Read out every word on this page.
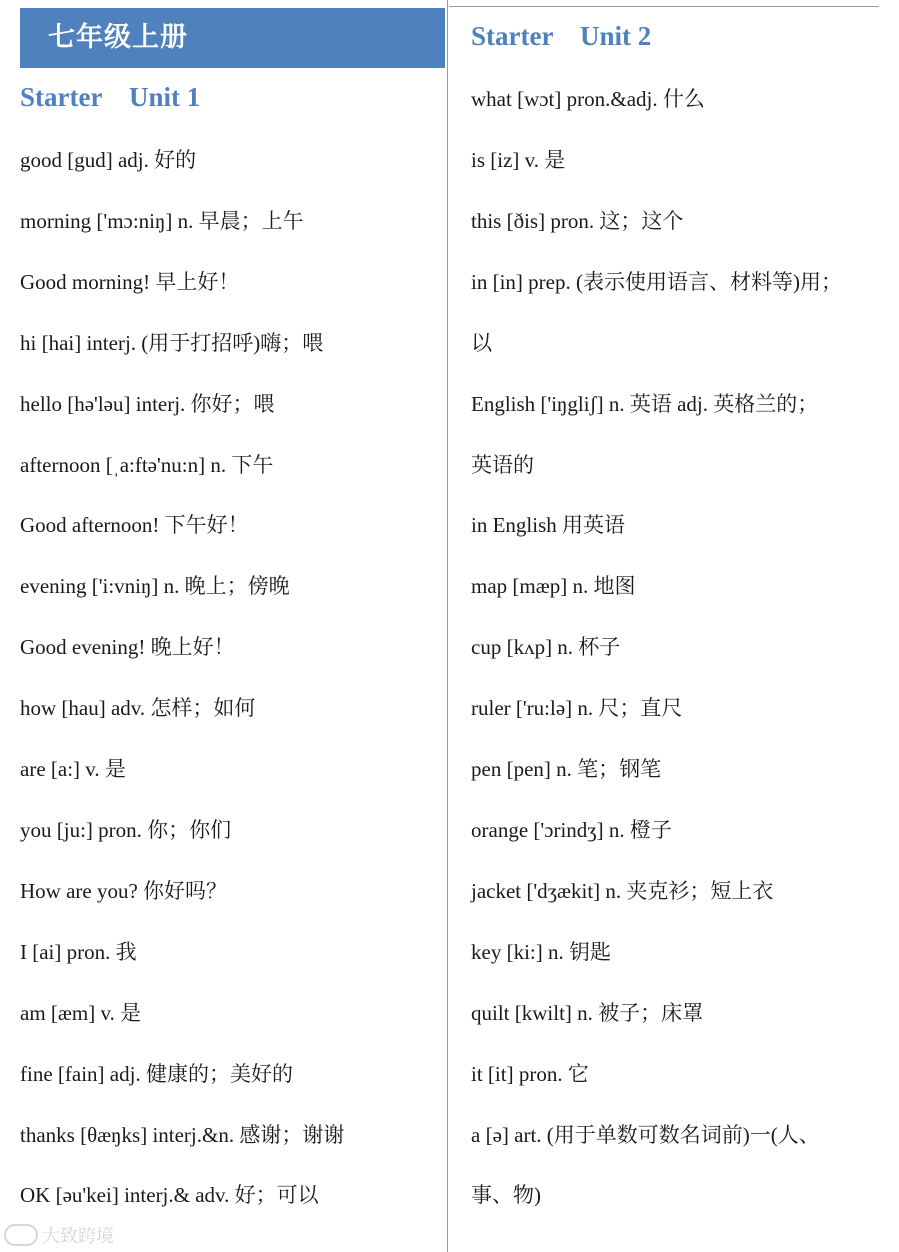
七年级上册
Starter    Unit 1
good [gud] adj. 好的
morning ['mɔ:niŋ] n. 早晨；上午
Good morning! 早上好！
hi [hai] interj. (用于打招呼)嗨；喂
hello [hə'ləu] interj. 你好；喂
afternoon [ˌa:ftə'nu:n] n. 下午
Good afternoon! 下午好！
evening ['i:vniŋ] n. 晚上；傍晚
Good evening! 晚上好！
how [hau] adv. 怎样；如何
are [a:] v. 是
you [ju:] pron. 你；你们
How are you? 你好吗？
I [ai] pron. 我
am [æm] v. 是
fine [fain] adj. 健康的；美好的
thanks [θæŋks] interj.&n. 感谢；谢谢
OK [əu'kei] interj.& adv. 好；可以
Starter    Unit 2
what [wɔt] pron.&adj. 什么
is [iz] v. 是
this [ðis] pron. 这；这个
in [in] prep. (表示使用语言、材料等)用；
以
English ['iŋgliʃ] n. 英语 adj. 英格兰的；
英语的
in English 用英语
map [mæp] n. 地图
cup [kʌp] n. 杯子
ruler ['ru:lə] n. 尺；直尺
pen [pen] n. 笔；钢笔
orange ['ɔrindʒ] n. 橙子
jacket ['dʒækit] n. 夹克衫；短上衣
key [ki:] n. 钥匙
quilt [kwilt] n. 被子；床罩
it [it] pron. 它
a [ə] art. (用于单数可数名词前)一(人、
事、物)
大致跨境
